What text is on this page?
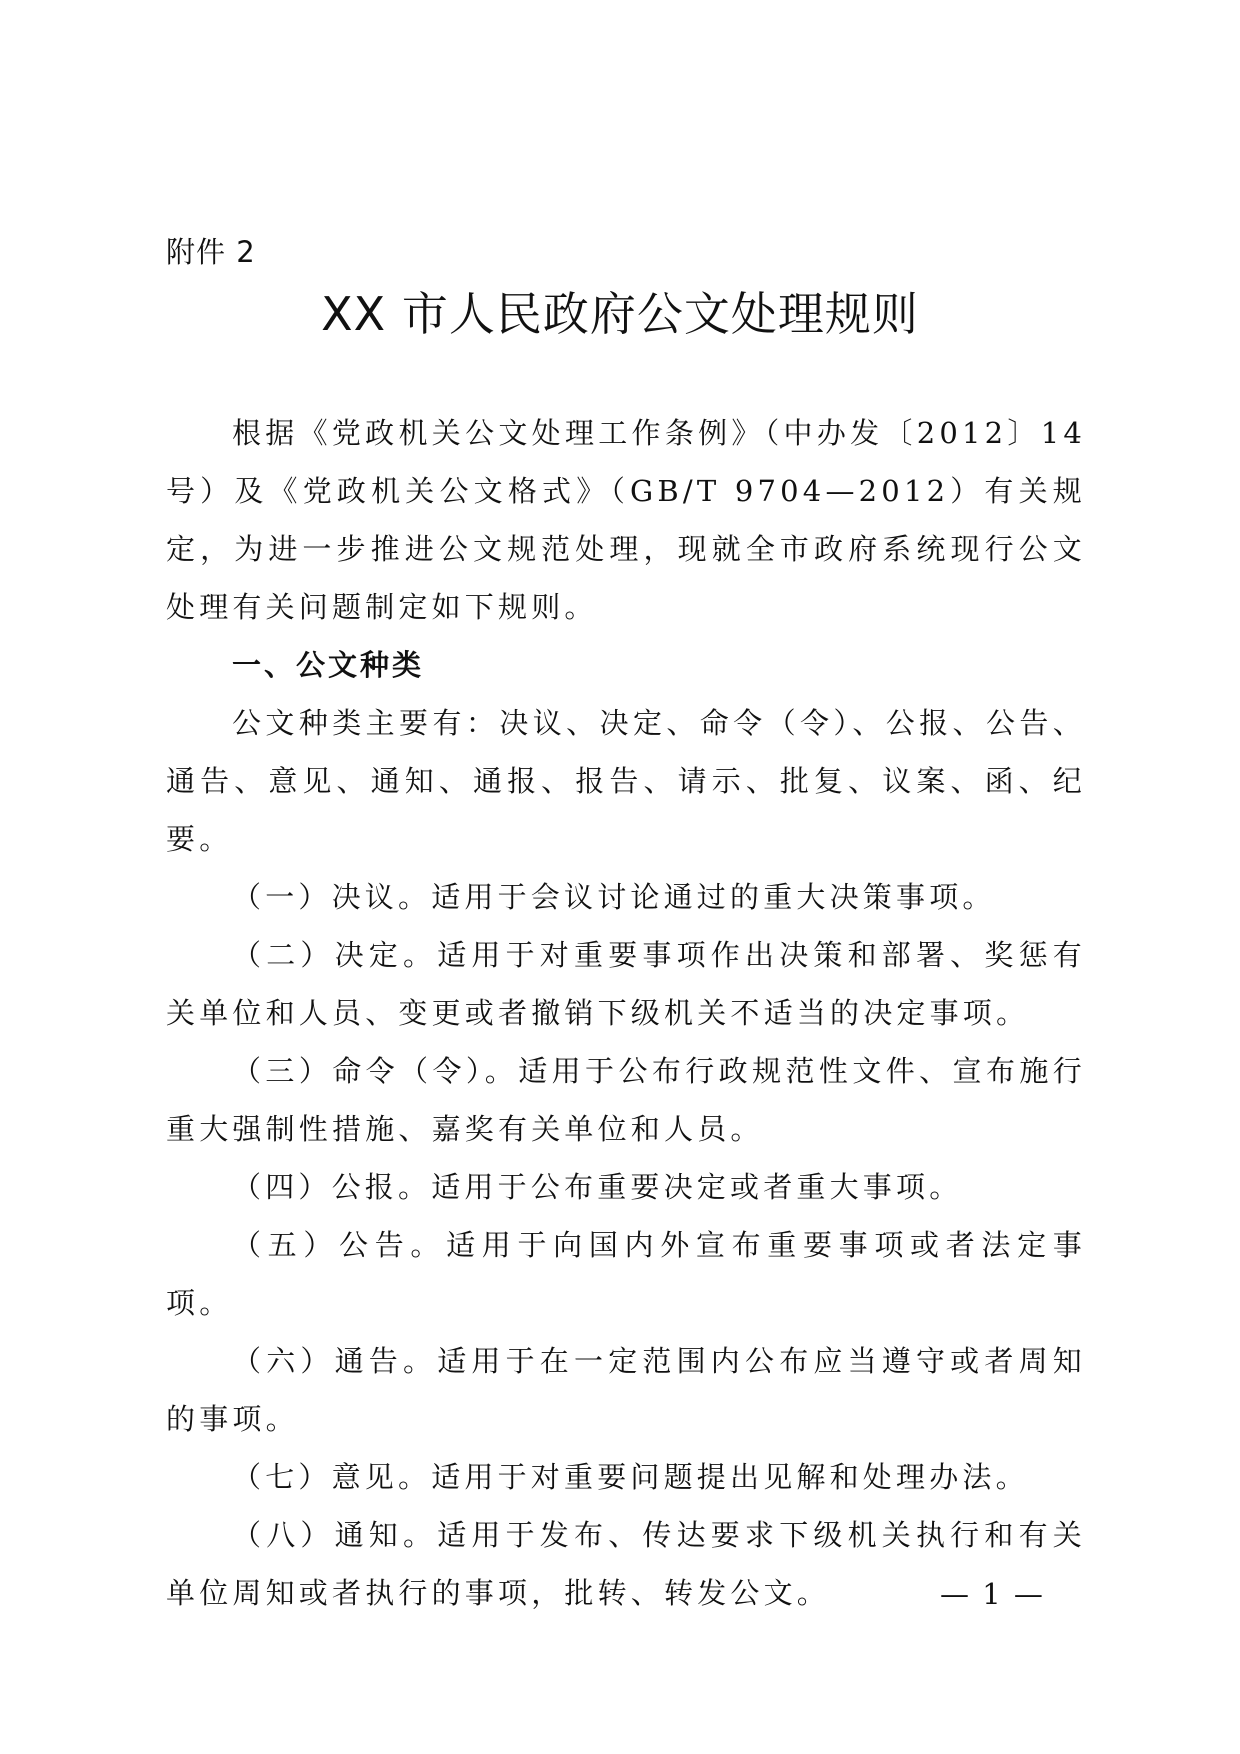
附件 2
XX 市人民政府公文处理规则

根据《党政机关公文处理工作条例》（中办发〔2012〕14 号）及《党政机关公文格式》（GB/T 9704—2012）有关规定，为进一步推进公文规范处理，现就全市政府系统现行公文处理有关问题制定如下规则。

一、公文种类

公文种类主要有：决议、决定、命令（令）、公报、公告、通告、意见、通知、通报、报告、请示、批复、议案、函、纪要。

（一）决议。适用于会议讨论通过的重大决策事项。

（二）决定。适用于对重要事项作出决策和部署、奖惩有关单位和人员、变更或者撤销下级机关不适当的决定事项。

（三）命令（令）。适用于公布行政规范性文件、宣布施行重大强制性措施、嘉奖有关单位和人员。

（四）公报。适用于公布重要决定或者重大事项。

（五）公告。适用于向国内外宣布重要事项或者法定事项。

（六）通告。适用于在一定范围内公布应当遵守或者周知的事项。

（七）意见。适用于对重要问题提出见解和处理办法。

（八）通知。适用于发布、传达要求下级机关执行和有关单位周知或者执行的事项，批转、转发公文。	— 1 —
